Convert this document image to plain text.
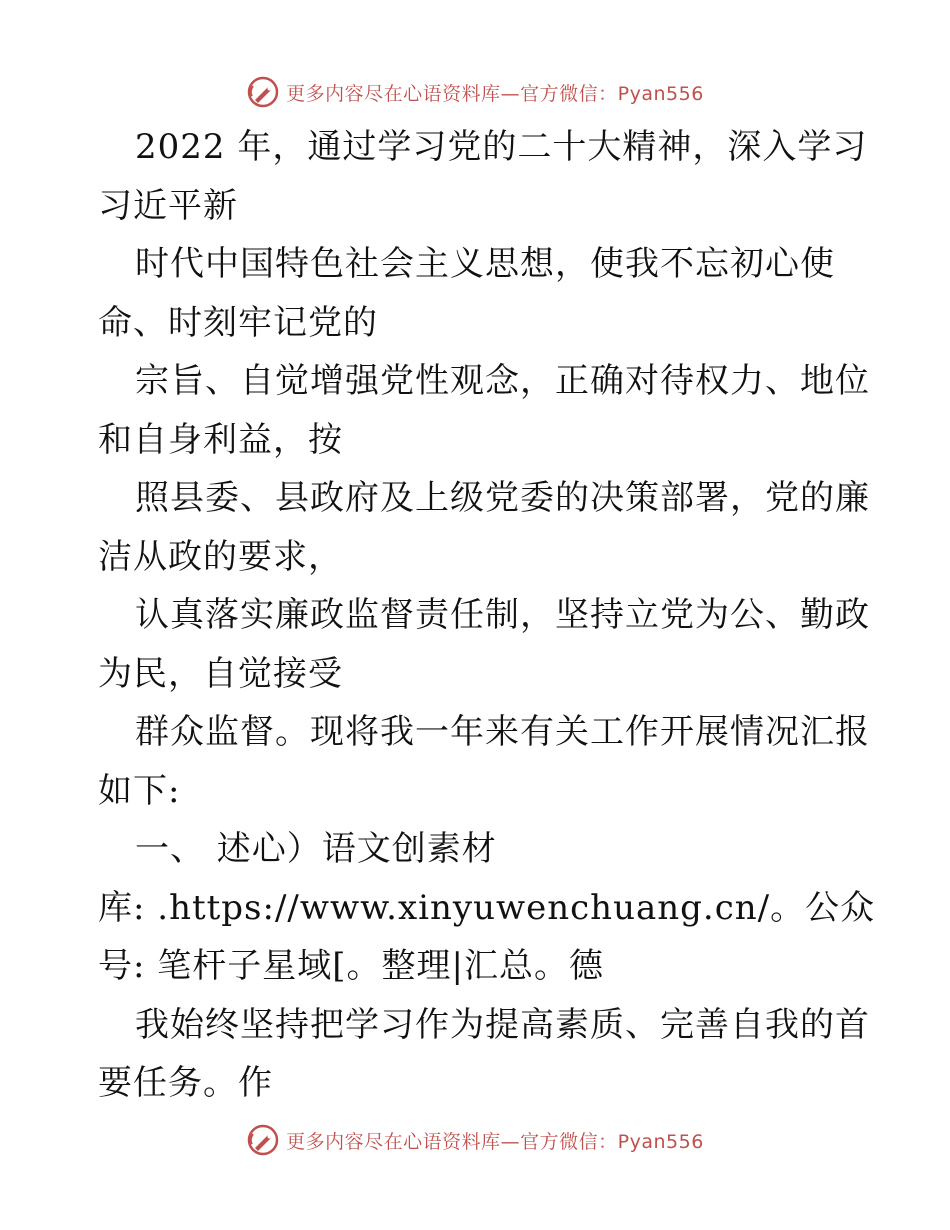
更多内容尽在心语资料库—官方微信：Pyan556
2022 年，通过学习党的二十大精神，深入学习
习近平新
时代中国特色社会主义思想，使我不忘初心使
命、时刻牢记党的
宗旨、自觉增强党性观念，正确对待权力、地位
和自身利益，按
照县委、县政府及上级党委的决策部署，党的廉
洁从政的要求，
认真落实廉政监督责任制，坚持立党为公、勤政
为民，自觉接受
群众监督。现将我一年来有关工作开展情况汇报
如下:
一、 述心）语文创素材
库: .https://www.xinyuwenchuang.cn/。公众
号: 笔杆子星域[。整理|汇总。德
我始终坚持把学习作为提高素质、完善自我的首
要任务。作
更多内容尽在心语资料库—官方微信：Pyan556
